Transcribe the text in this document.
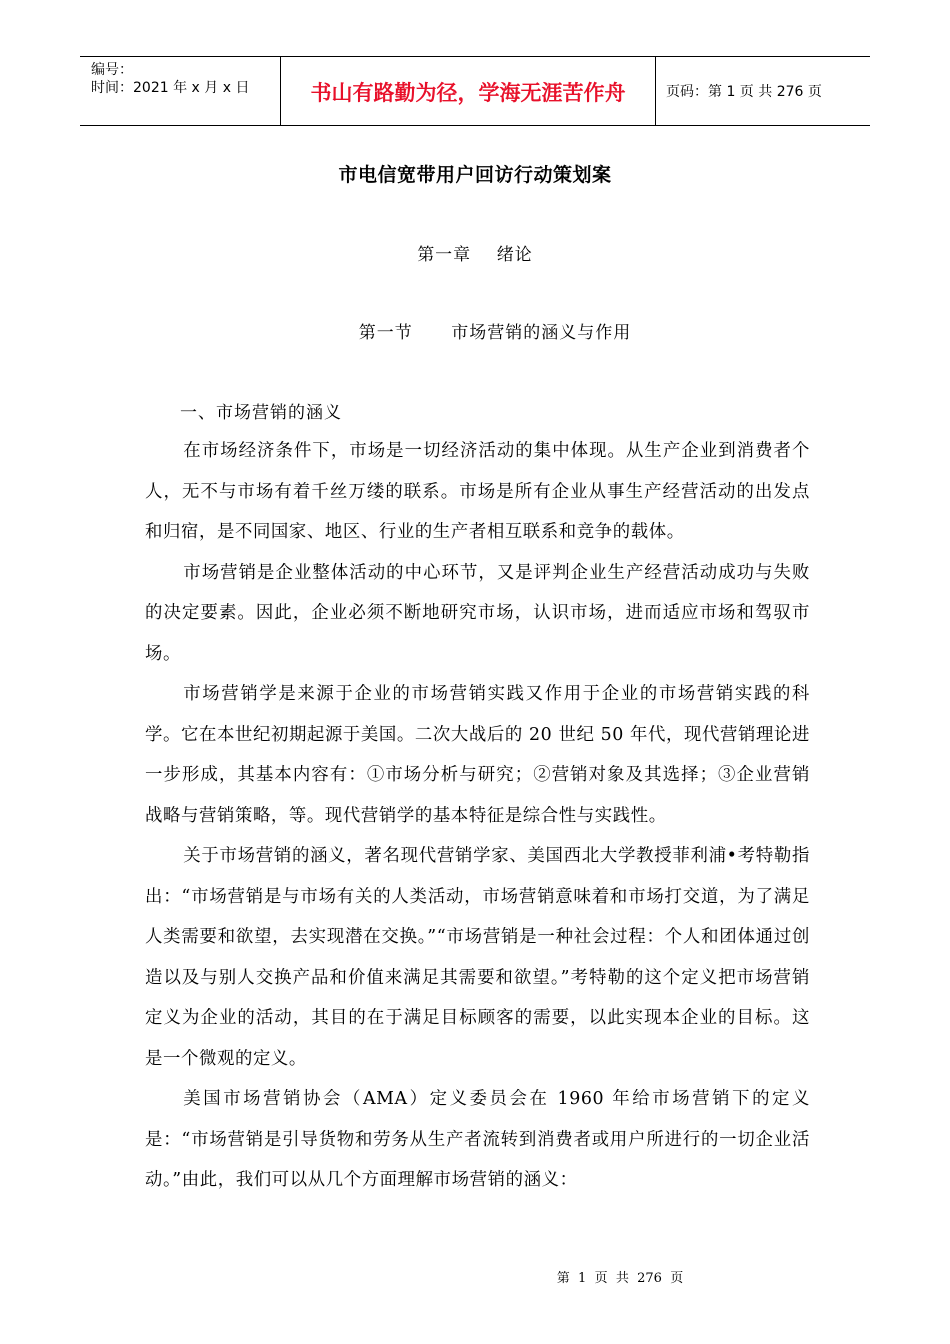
编号：
时间：2021 年 x 月 x 日	书山有路勤为径，学海无涯苦作舟	页码：第 1 页 共 276 页
市电信宽带用户回访行动策划案
第一章    绪论
第一节      市场营销的涵义与作用
一、市场营销的涵义

在市场经济条件下，市场是一切经济活动的集中体现。从生产企业到消费者个人，无不与市场有着千丝万缕的联系。市场是所有企业从事生产经营活动的出发点和归宿，是不同国家、地区、行业的生产者相互联系和竞争的载体。

市场营销是企业整体活动的中心环节，又是评判企业生产经营活动成功与失败的决定要素。因此，企业必须不断地研究市场，认识市场，进而适应市场和驾驭市场。

市场营销学是来源于企业的市场营销实践又作用于企业的市场营销实践的科学。它在本世纪初期起源于美国。二次大战后的 20 世纪 50 年代，现代营销理论进一步形成，其基本内容有：①市场分析与研究；②营销对象及其选择；③企业营销战略与营销策略，等。现代营销学的基本特征是综合性与实践性。

关于市场营销的涵义，著名现代营销学家、美国西北大学教授菲利浦•考特勒指出：“市场营销是与市场有关的人类活动，市场营销意味着和市场打交道，为了满足人类需要和欲望，去实现潜在交换。”“市场营销是一种社会过程：个人和团体通过创造以及与别人交换产品和价值来满足其需要和欲望。”考特勒的这个定义把市场营销定义为企业的活动，其目的在于满足目标顾客的需要，以此实现本企业的目标。这是一个微观的定义。

美国市场营销协会（AMA）定义委员会在 1960 年给市场营销下的定义是：“市场营销是引导货物和劳务从生产者流转到消费者或用户所进行的一切企业活动。”由此，我们可以从几个方面理解市场营销的涵义：

第  1  页  共  276  页
